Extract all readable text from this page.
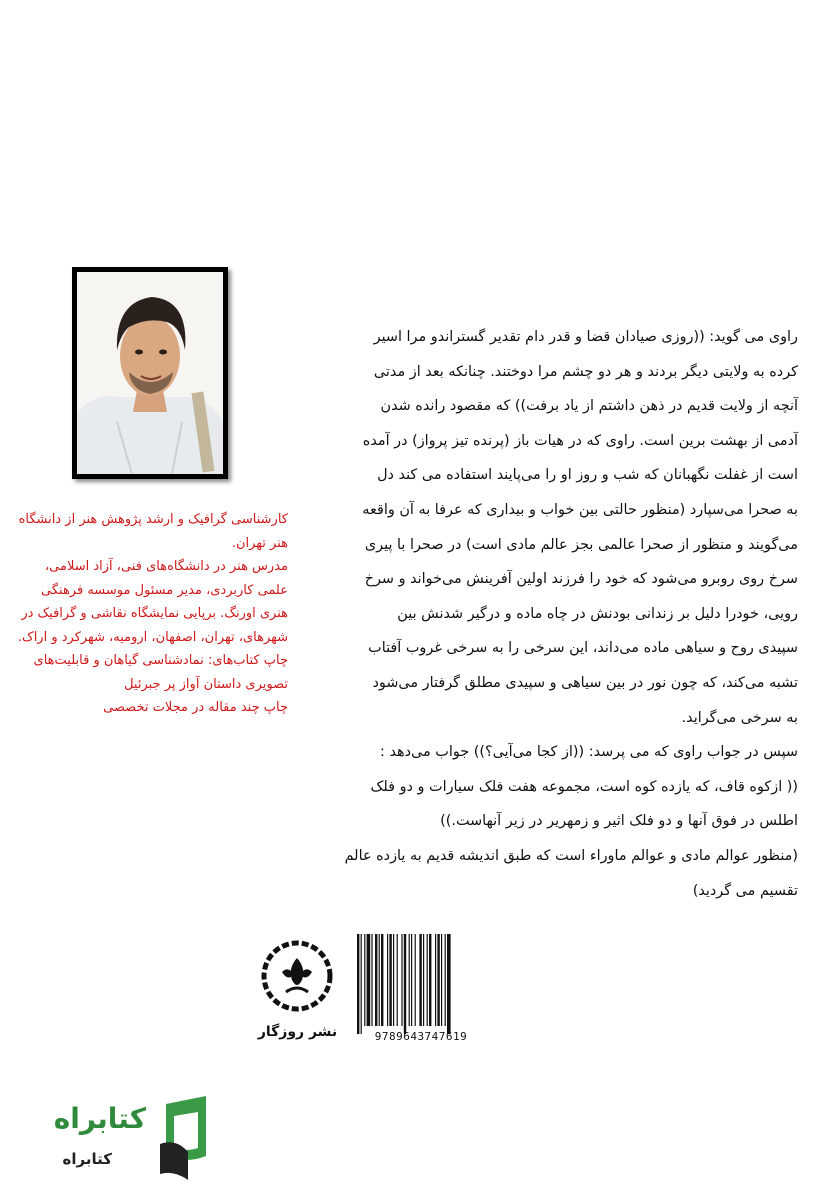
کارشناسی گرافیک و ارشد پژوهش هنر از دانشگاه
هنر تهران.
مدرس هنر در دانشگاه‌های فنی، آزاد اسلامی،
علمی کاربردی، مدیر مسئول موسسه فرهنگی
هنری اورنگ. برپایی نمایشگاه نقاشی و گرافیک در
شهرهای، تهران، اصفهان، ارومیه، شهرکرد و اراک.
چاپ کتاب‌های: نمادشناسی گیاهان و قابلیت‌های
تصویری داستان آواز پر جبرئیل
چاپ چند مقاله در مجلات تخصصی
راوی می گوید: ((روزی صیادان قضا و قدر دام تقدیر گستراندو مرا اسیر
کرده به ولایتی دیگر بردند و هر دو چشم مرا دوختند. چنانکه بعد از مدتی
آنچه از ولایت قدیم در ذهن داشتم از یاد برفت)) که مقصود رانده شدن
آدمی از بهشت برین است. راوی که در هیات باز (پرنده تیز پرواز) در آمده
است از غفلت نگهبانان که شب و روز او را می‌پایند استفاده می کند دل
به صحرا می‌سپارد (منظور حالتی بین خواب و بیداری که عرفا به آن واقعه
می‌گویند و منظور از صحرا عالمی بجز عالم مادی است) در صحرا با پیری
سرخ روی روبرو می‌شود که خود را فرزند اولین آفرینش می‌خواند و سرخ
رویی، خودرا دلیل بر زندانی بودنش در چاه ماده و درگیر شدنش بین
سپیدی روح و سیاهی ماده می‌داند، این سرخی را به سرخی غروب آفتاب
تشبه می‌کند، که چون نور در بین سیاهی و سپیدی مطلق گرفتار می‌شود
به سرخی می‌گراید.
سپس در جواب راوی که می پرسد: ((از کجا می‌آیی؟)) جواب می‌دهد :
(( ازکوه قاف، که یازده کوه است، مجموعه هفت فلک سیارات و دو فلک
اطلس در فوق آنها و دو فلک اثیر و زمهریر در زیر آنهاست.))
(منظور عوالم مادی و عوالم ماوراء است که طبق اندیشه قدیم به یازده عالم
تقسیم می گردید)
نشر روزگار	9789643747619
کتابراه
کتابراه
